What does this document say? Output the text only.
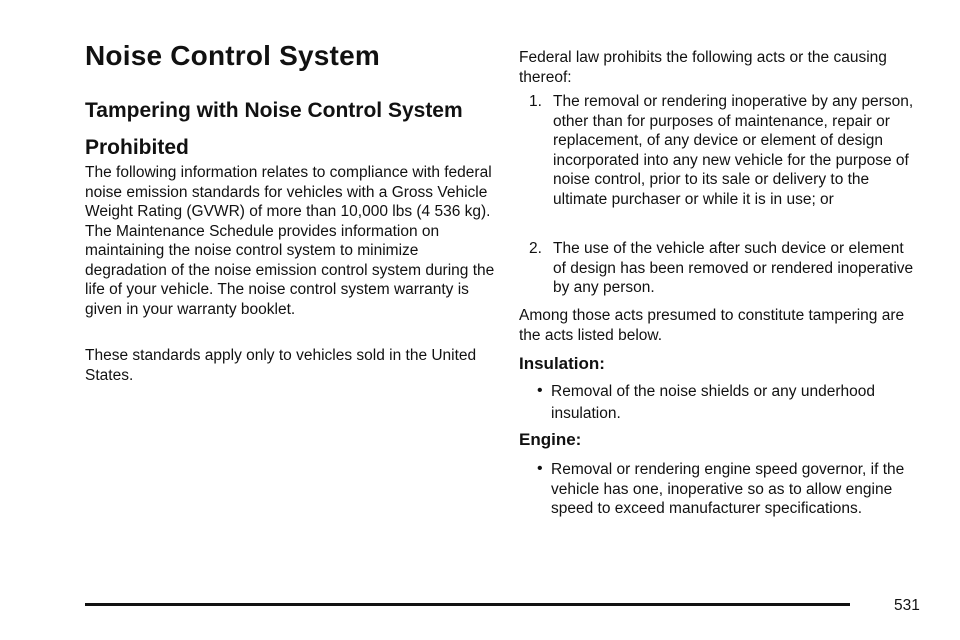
Noise Control System
Tampering with Noise Control System Prohibited

The following information relates to compliance with federal noise emission standards for vehicles with a Gross Vehicle Weight Rating (GVWR) of more than 10,000 lbs (4 536 kg). The Maintenance Schedule provides information on maintaining the noise control system to minimize degradation of the noise emission control system during the life of your vehicle. The noise control system warranty is given in your warranty booklet.

These standards apply only to vehicles sold in the United States.

Federal law prohibits the following acts or the causing thereof:

1. The removal or rendering inoperative by any person, other than for purposes of maintenance, repair or replacement, of any device or element of design incorporated into any new vehicle for the purpose of noise control, prior to its sale or delivery to the ultimate purchaser or while it is in use; or
2. The use of the vehicle after such device or element of design has been removed or rendered inoperative by any person.

Among those acts presumed to constitute tampering are the acts listed below.

Insulation:
• Removal of the noise shields or any underhood insulation.
Engine:
• Removal or rendering engine speed governor, if the vehicle has one, inoperative so as to allow engine speed to exceed manufacturer specifications.
531
